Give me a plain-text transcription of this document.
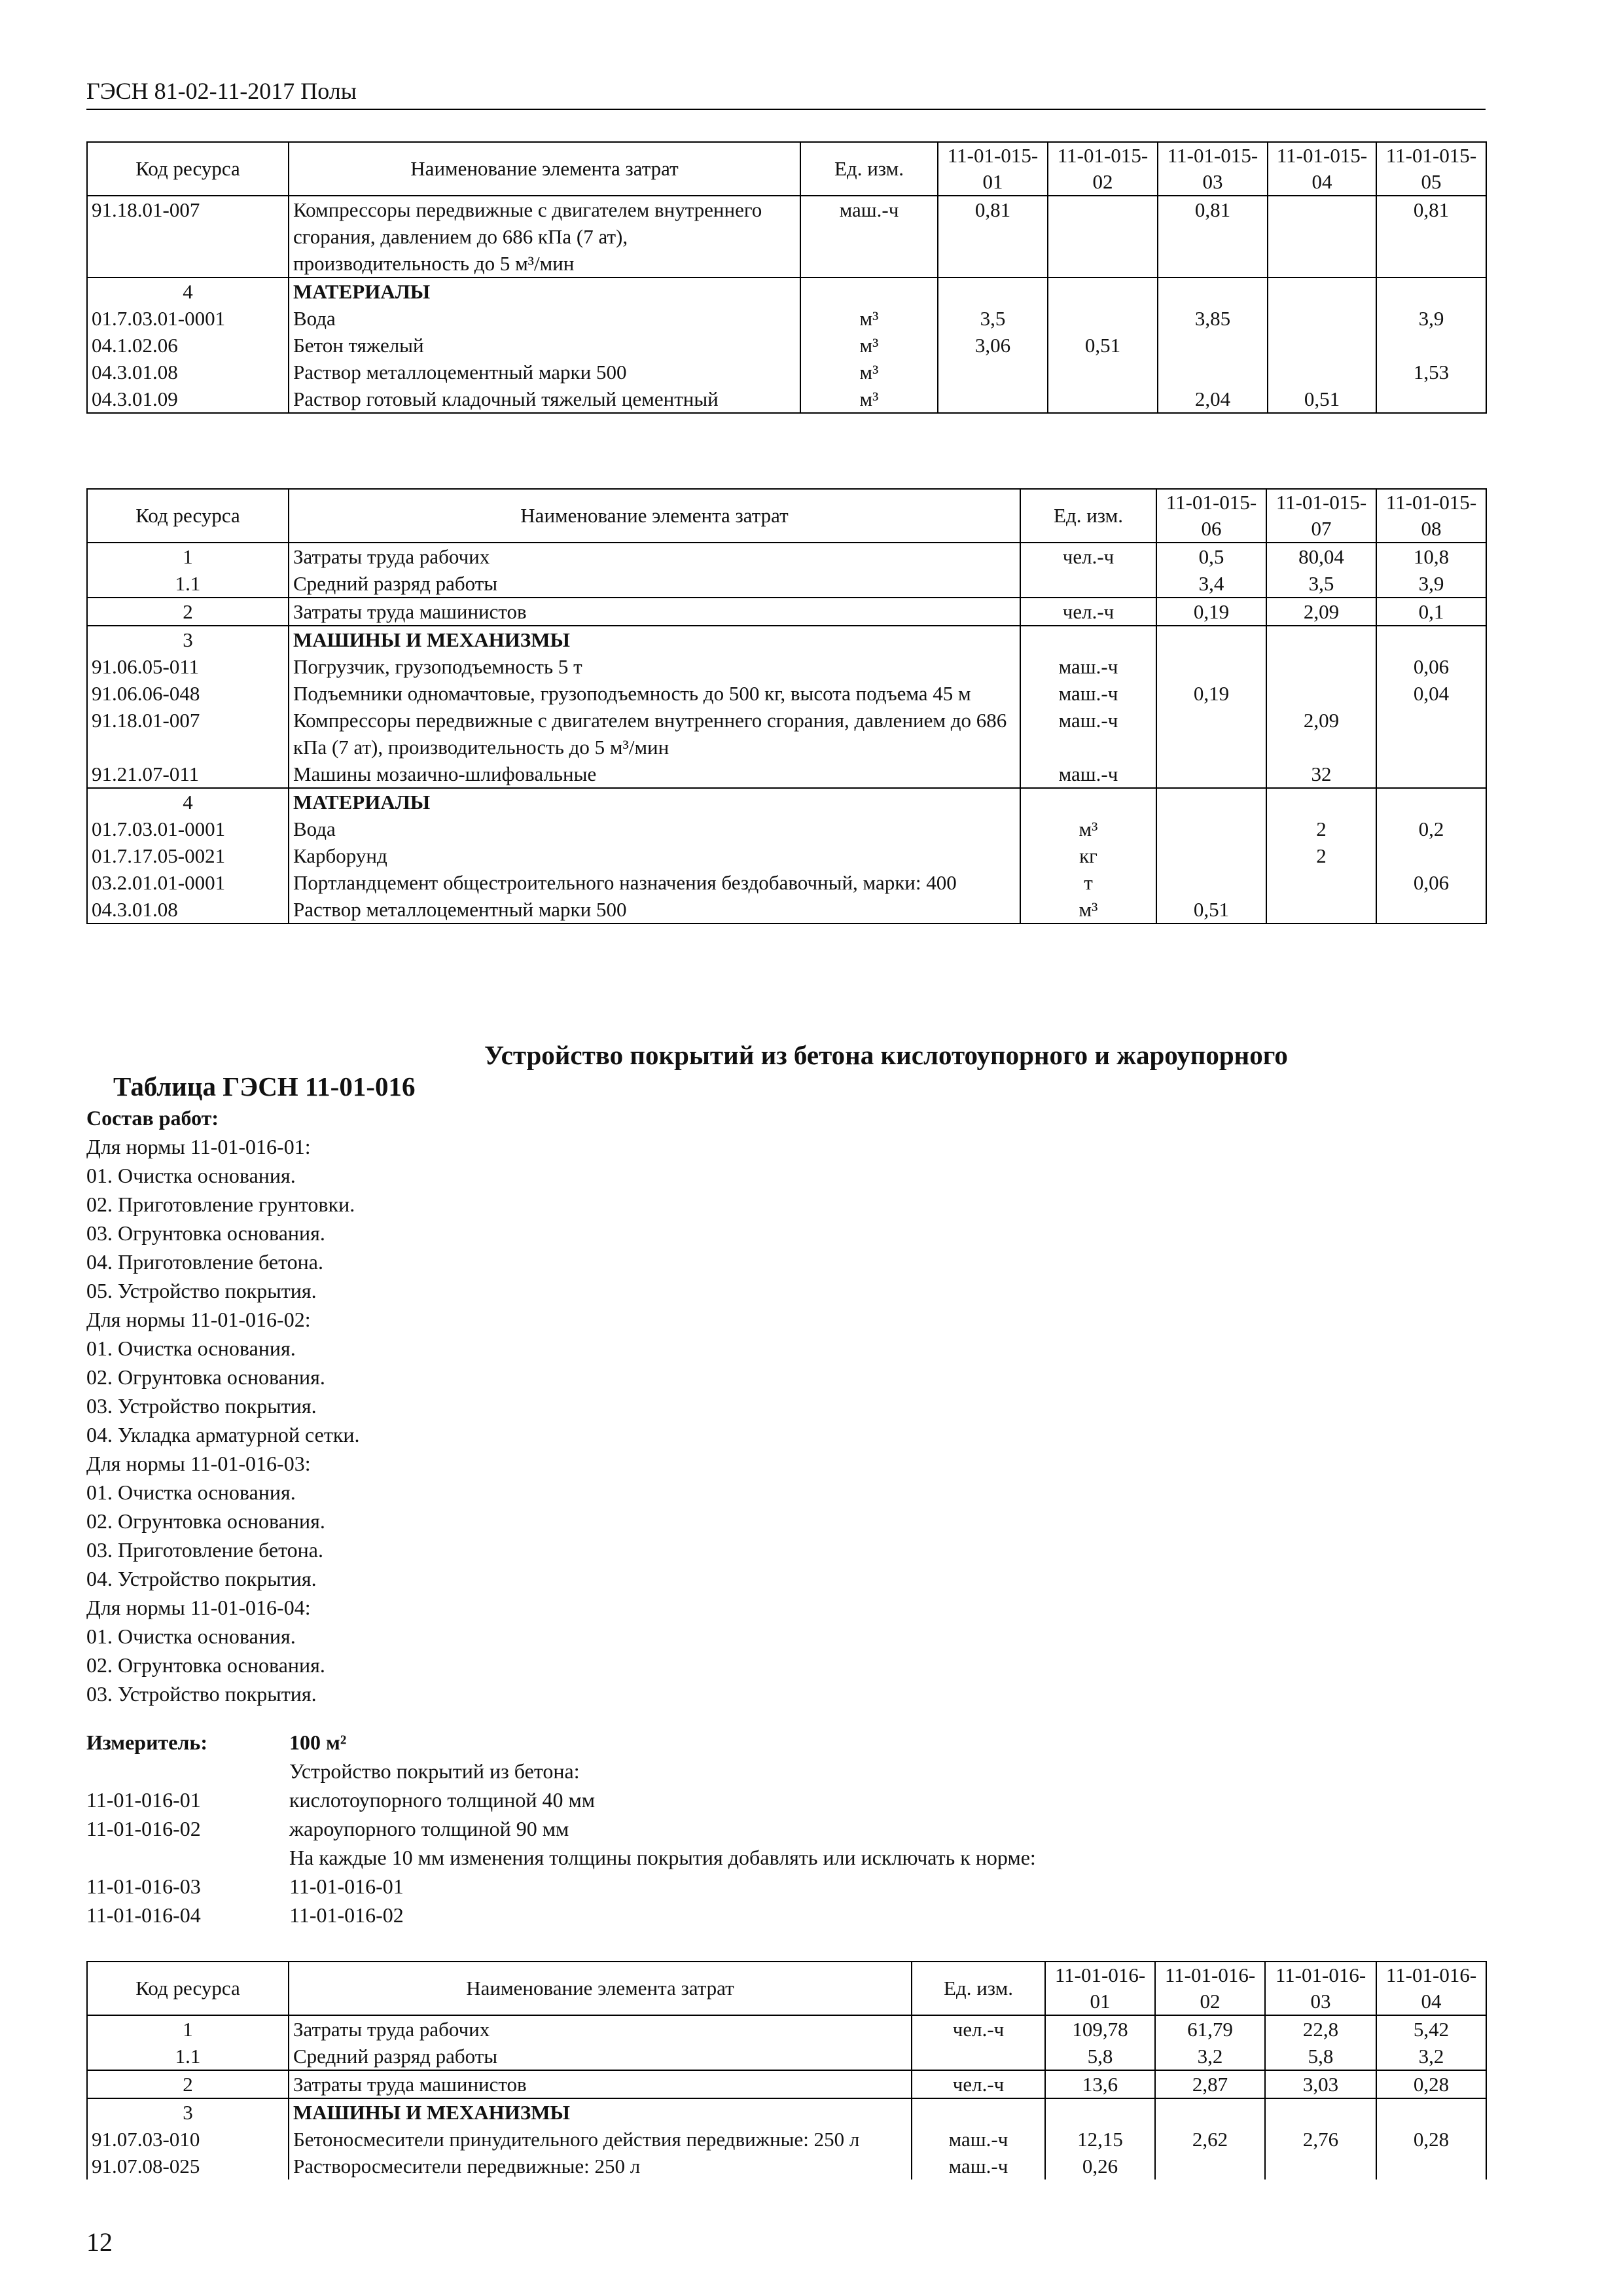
ГЭСН 81-02-11-2017 Полы
Код ресурса	Наименование элемента затрат	Ед. изм.	11-01-015-01	11-01-015-02	11-01-015-03	11-01-015-04	11-01-015-05
91.18.01-007	Компрессоры передвижные с двигателем внутреннего сгорания, давлением до 686 кПа (7 ат), производительность до 5 м³/мин	маш.-ч	0,81		0,81		0,81
4	МАТЕРИАЛЫ						
01.7.03.01-0001	Вода	м³	3,5		3,85		3,9
04.1.02.06	Бетон тяжелый	м³	3,06	0,51			
04.3.01.08	Раствор металлоцементный марки 500	м³					1,53
04.3.01.09	Раствор готовый кладочный тяжелый цементный	м³			2,04	0,51	
Код ресурса	Наименование элемента затрат	Ед. изм.	11-01-015-06	11-01-015-07	11-01-015-08
1	Затраты труда рабочих	чел.-ч	0,5	80,04	10,8
1.1	Средний разряд работы		3,4	3,5	3,9
2	Затраты труда машинистов	чел.-ч	0,19	2,09	0,1
3	МАШИНЫ И МЕХАНИЗМЫ				
91.06.05-011	Погрузчик, грузоподъемность 5 т	маш.-ч			0,06
91.06.06-048	Подъемники одномачтовые, грузоподъемность до 500 кг, высота подъема 45 м	маш.-ч	0,19		0,04
91.18.01-007	Компрессоры передвижные с двигателем внутреннего сгорания, давлением до 686 кПа (7 ат), производительность до 5 м³/мин	маш.-ч		2,09	
91.21.07-011	Машины мозаично-шлифовальные	маш.-ч		32	
4	МАТЕРИАЛЫ				
01.7.03.01-0001	Вода	м³		2	0,2
01.7.17.05-0021	Карборунд	кг		2	
03.2.01.01-0001	Портландцемент общестроительного назначения бездобавочный, марки: 400	т			0,06
04.3.01.08	Раствор металлоцементный марки 500	м³	0,51		

Таблица ГЭСН 11-01-016

Устройство покрытий из бетона кислотоупорного и жароупорного

Состав работ:
Для нормы 11-01-016-01:
01. Очистка основания.
02. Приготовление грунтовки.
03. Огрунтовка основания.
04. Приготовление бетона.
05. Устройство покрытия.
Для нормы 11-01-016-02:
01. Очистка основания.
02. Огрунтовка основания.
03. Устройство покрытия.
04. Укладка арматурной сетки.
Для нормы 11-01-016-03:
01. Очистка основания.
02. Огрунтовка основания.
03. Приготовление бетона.
04. Устройство покрытия.
Для нормы 11-01-016-04:
01. Очистка основания.
02. Огрунтовка основания.
03. Устройство покрытия.
Измеритель:	100 м²
Устройство покрытий из бетона:
11-01-016-01	кислотоупорного толщиной 40 мм
11-01-016-02	жароупорного толщиной 90 мм
На каждые 10 мм изменения толщины покрытия добавлять или исключать к норме:
11-01-016-03	11-01-016-01
11-01-016-04	11-01-016-02
Код ресурса	Наименование элемента затрат	Ед. изм.	11-01-016-01	11-01-016-02	11-01-016-03	11-01-016-04
1	Затраты труда рабочих	чел.-ч	109,78	61,79	22,8	5,42
1.1	Средний разряд работы		5,8	3,2	5,8	3,2
2	Затраты труда машинистов	чел.-ч	13,6	2,87	3,03	0,28
3	МАШИНЫ И МЕХАНИЗМЫ					
91.07.03-010	Бетоносмесители принудительного действия передвижные: 250 л	маш.-ч	12,15	2,62	2,76	0,28
91.07.08-025	Растворосмесители передвижные: 250 л	маш.-ч	0,26			
12
